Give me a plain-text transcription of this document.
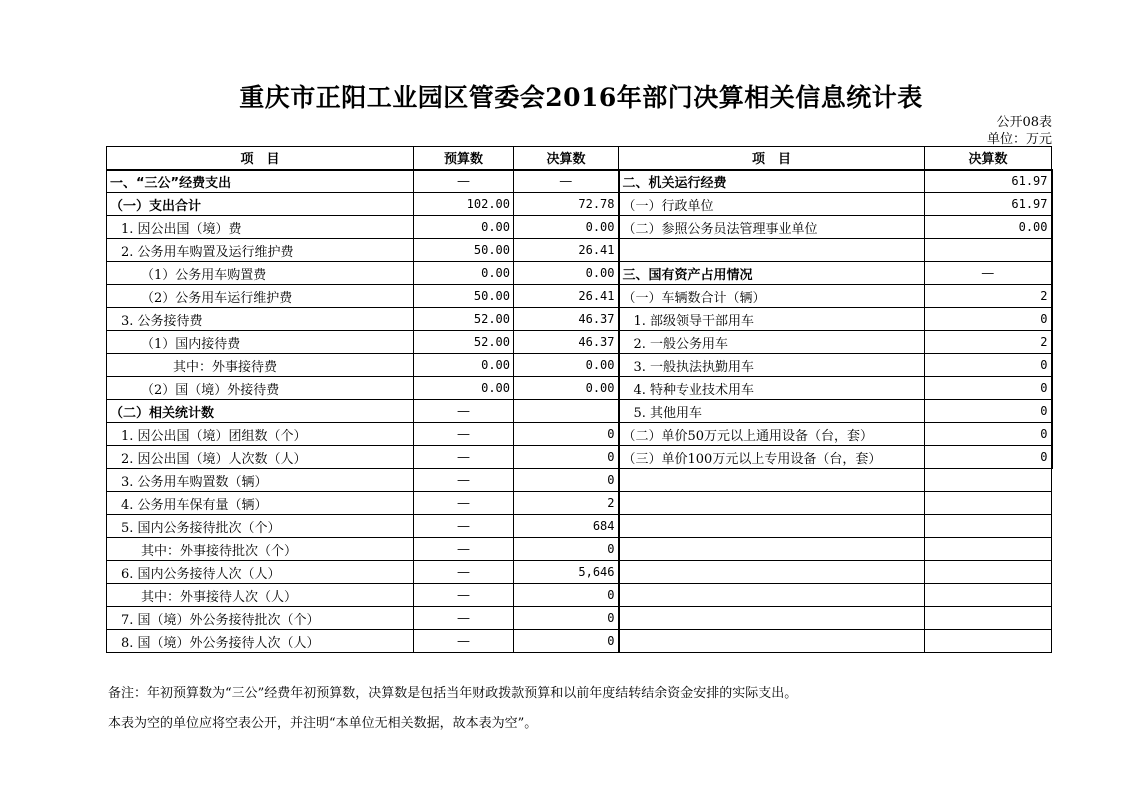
重庆市正阳工业园区管委会2016年部门决算相关信息统计表
公开08表
单位：万元
项　目	预算数	决算数	项　目	决算数
一、“三公”经费支出	—	—	二、机关运行经费	61.97
（一）支出合计	102.00	72.78	（一）行政单位	61.97
1. 因公出国（境）费	0.00	0.00	（二）参照公务员法管理事业单位	0.00
2. 公务用车购置及运行维护费	50.00	26.41		
（1）公务用车购置费	0.00	0.00	三、国有资产占用情况	—
（2）公务用车运行维护费	50.00	26.41	（一）车辆数合计（辆）	2
3. 公务接待费	52.00	46.37	1. 部级领导干部用车	0
（1）国内接待费	52.00	46.37	2. 一般公务用车	2
其中：外事接待费	0.00	0.00	3. 一般执法执勤用车	0
（2）国（境）外接待费	0.00	0.00	4. 特种专业技术用车	0
（二）相关统计数	—		5. 其他用车	0
1. 因公出国（境）团组数（个）	—	0	（二）单价50万元以上通用设备（台，套）	0
2. 因公出国（境）人次数（人）	—	0	（三）单价100万元以上专用设备（台，套）	0
3. 公务用车购置数（辆）	—	0		
4. 公务用车保有量（辆）	—	2		
5. 国内公务接待批次（个）	—	684		
其中：外事接待批次（个）	—	0		
6. 国内公务接待人次（人）	—	5,646		
其中：外事接待人次（人）	—	0		
7. 国（境）外公务接待批次（个）	—	0		
8. 国（境）外公务接待人次（人）	—	0		
备注：年初预算数为“三公”经费年初预算数，决算数是包括当年财政拨款预算和以前年度结转结余资金安排的实际支出。
本表为空的单位应将空表公开，并注明“本单位无相关数据，故本表为空”。
